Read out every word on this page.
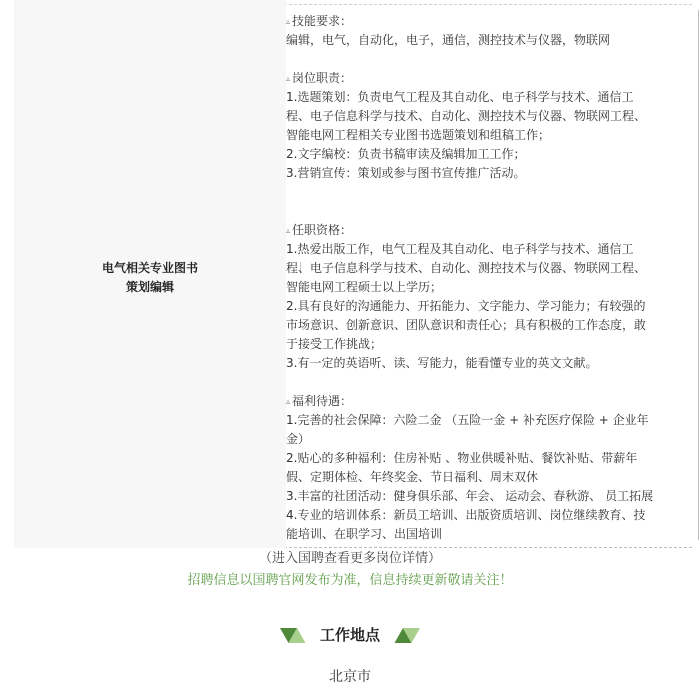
电气相关专业图书
策划编辑
▵ 技能要求：
编辑，电气，自动化，电子，通信，测控技术与仪器，物联网
▵ 岗位职责：
1.选题策划：负责电气工程及其自动化、电子科学与技术、通信工
程、电子信息科学与技术、自动化、测控技术与仪器、物联网工程、
智能电网工程相关专业图书选题策划和组稿工作；
2.文字编校：负责书稿审读及编辑加工工作；
3.营销宣传：策划或参与图书宣传推广活动。
▵ 任职资格：
1.热爱出版工作，电气工程及其自动化、电子科学与技术、通信工
程、电子信息科学与技术、自动化、测控技术与仪器、物联网工程、
智能电网工程硕士以上学历；
2.具有良好的沟通能力、开拓能力、文字能力、学习能力；有较强的
市场意识、创新意识、团队意识和责任心；具有积极的工作态度，敢
于接受工作挑战；
3.有一定的英语听、读、写能力，能看懂专业的英文文献。
▵ 福利待遇：
1.完善的社会保障：六险二金 （五险一金 + 补充医疗保险 + 企业年
金）
2.贴心的多种福利：住房补贴 、物业供暖补贴、餐饮补贴、带薪年
假、定期体检、年终奖金、节日福利、周末双休
3.丰富的社团活动：健身俱乐部、年会、 运动会、春秋游、 员工拓展
4.专业的培训体系：新员工培训、出版资质培训、岗位继续教育、技
能培训、在职学习、出国培训
（进入国聘查看更多岗位详情）
招聘信息以国聘官网发布为准，信息持续更新敬请关注！
工作地点
北京市
